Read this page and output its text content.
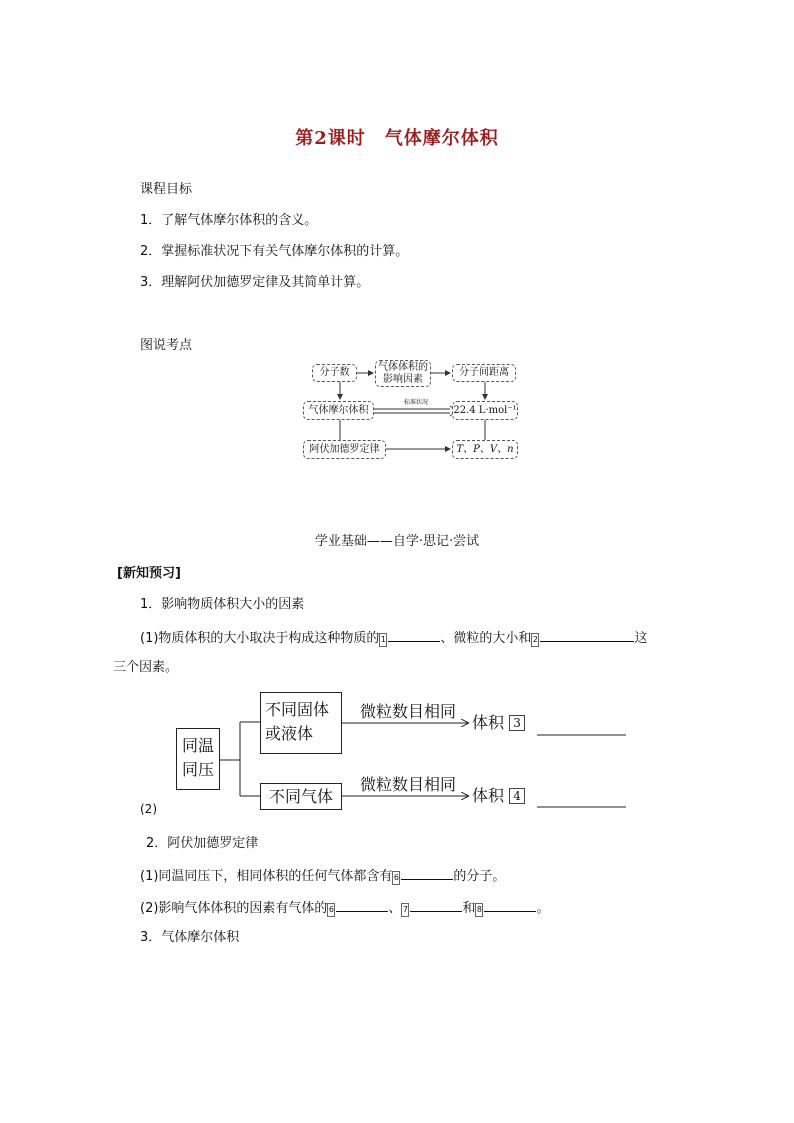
第2课时　气体摩尔体积
课程目标
1．了解气体摩尔体积的含义。
2．掌握标准状况下有关气体摩尔体积的计算。
3．理解阿伏加德罗定律及其简单计算。
图说考点
分子数	气体体积的
影响因素
分子间距离
气体摩尔体积
标准状况
22.4 L·mol⁻¹
阿伏加德罗定律	T、P、V、n
学业基础——自学·思记·尝试
[新知预习]
1．影响物质体积大小的因素
(1)物质体积的大小取决于构成这种物质的1	、微粒的大小和2	这
三个因素。
同温
同压
不同固体
或液体
不同气体
微粒数目相同
微粒数目相同
体积 3
体积 4
(2)
2．阿伏加德罗定律
(1)同温同压下，相同体积的任何气体都含有6	的分子。
(2)影响气体体积的因素有气体的6	、7	和8	。
3．气体摩尔体积
